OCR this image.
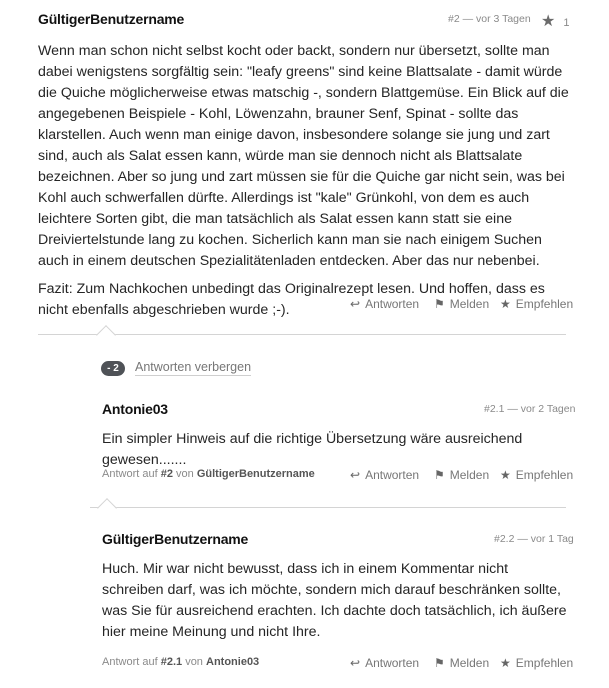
GültigerBenutzername	#2 — vor 3 Tagen ★ 1

Wenn man schon nicht selbst kocht oder backt, sondern nur übersetzt, sollte man dabei wenigstens sorgfältig sein: "leafy greens" sind keine Blattsalate - damit würde die Quiche möglicherweise etwas matschig -, sondern Blattgemüse. Ein Blick auf die angegebenen Beispiele - Kohl, Löwenzahn, brauner Senf, Spinat - sollte das klarstellen. Auch wenn man einige davon, insbesondere solange sie jung und zart sind, auch als Salat essen kann, würde man sie dennoch nicht als Blattsalate bezeichnen. Aber so jung und zart müssen sie für die Quiche gar nicht sein, was bei Kohl auch schwerfallen dürfte. Allerdings ist "kale" Grünkohl, von dem es auch leichtere Sorten gibt, die man tatsächlich als Salat essen kann statt sie eine Dreiviertelstunde lang zu kochen. Sicherlich kann man sie nach einigem Suchen auch in einem deutschen Spezialitätenladen entdecken. Aber das nur nebenbei.

Fazit: Zum Nachkochen unbedingt das Originalrezept lesen. Und hoffen, dass es nicht ebenfalls abgeschrieben wurde ;-).	↩ Antworten ⚑ Melden ★ Empfehlen
- 2	Antworten verbergen
Antonie03	#2.1 — vor 2 Tagen

Ein simpler Hinweis auf die richtige Übersetzung wäre ausreichend gewesen.......

Antwort auf #2 von GültigerBenutzername	↩ Antworten ⚑ Melden ★ Empfehlen
GültigerBenutzername	#2.2 — vor 1 Tag

Huch. Mir war nicht bewusst, dass ich in einem Kommentar nicht schreiben darf, was ich möchte, sondern mich darauf beschränken sollte, was Sie für ausreichend erachten. Ich dachte doch tatsächlich, ich äußere hier meine Meinung und nicht Ihre.

Antwort auf #2.1 von Antonie03	↩ Antworten ⚑ Melden ★ Empfehlen
